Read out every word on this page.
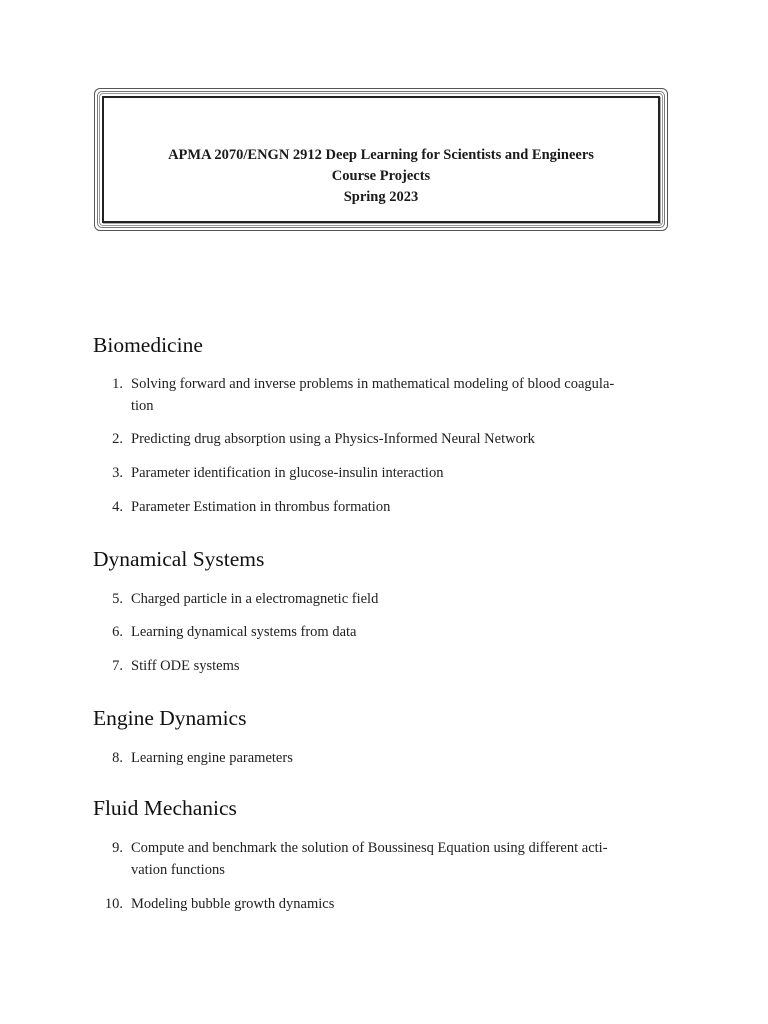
APMA 2070/ENGN 2912 Deep Learning for Scientists and Engineers
Course Projects
Spring 2023
Biomedicine
1. Solving forward and inverse problems in mathematical modeling of blood coagula-
tion
2. Predicting drug absorption using a Physics-Informed Neural Network
3. Parameter identification in glucose-insulin interaction
4. Parameter Estimation in thrombus formation
Dynamical Systems
5. Charged particle in a electromagnetic field
6. Learning dynamical systems from data
7. Stiff ODE systems
Engine Dynamics
8. Learning engine parameters
Fluid Mechanics
9. Compute and benchmark the solution of Boussinesq Equation using different acti-
vation functions
10. Modeling bubble growth dynamics
